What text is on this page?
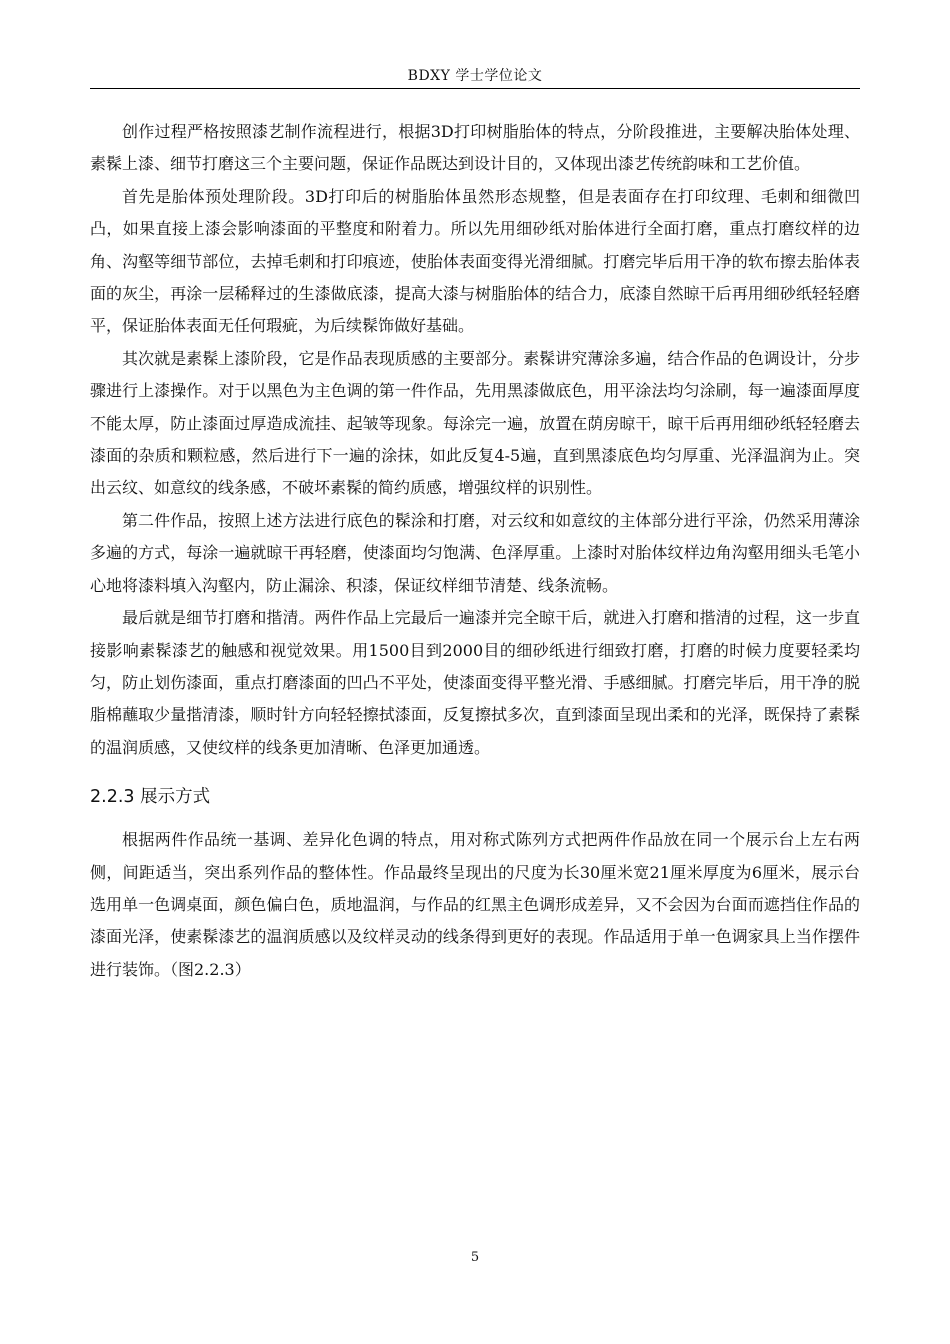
BDXY 学士学位论文

创作过程严格按照漆艺制作流程进行，根据3D打印树脂胎体的特点，分阶段推进，主要解决胎体处理、素髹上漆、细节打磨这三个主要问题，保证作品既达到设计目的，又体现出漆艺传统韵味和工艺价值。

首先是胎体预处理阶段。3D打印后的树脂胎体虽然形态规整，但是表面存在打印纹理、毛刺和细微凹凸，如果直接上漆会影响漆面的平整度和附着力。所以先用细砂纸对胎体进行全面打磨，重点打磨纹样的边角、沟壑等细节部位，去掉毛刺和打印痕迹，使胎体表面变得光滑细腻。打磨完毕后用干净的软布擦去胎体表面的灰尘，再涂一层稀释过的生漆做底漆，提高大漆与树脂胎体的结合力，底漆自然晾干后再用细砂纸轻轻磨平，保证胎体表面无任何瑕疵，为后续髹饰做好基础。

其次就是素髹上漆阶段，它是作品表现质感的主要部分。素髹讲究薄涂多遍，结合作品的色调设计，分步骤进行上漆操作。对于以黑色为主色调的第一件作品，先用黑漆做底色，用平涂法均匀涂刷，每一遍漆面厚度不能太厚，防止漆面过厚造成流挂、起皱等现象。每涂完一遍，放置在荫房晾干，晾干后再用细砂纸轻轻磨去漆面的杂质和颗粒感，然后进行下一遍的涂抹，如此反复4-5遍，直到黑漆底色均匀厚重、光泽温润为止。突出云纹、如意纹的线条感，不破坏素髹的简约质感，增强纹样的识别性。

第二件作品，按照上述方法进行底色的髹涂和打磨，对云纹和如意纹的主体部分进行平涂，仍然采用薄涂多遍的方式，每涂一遍就晾干再轻磨，使漆面均匀饱满、色泽厚重。上漆时对胎体纹样边角沟壑用细头毛笔小心地将漆料填入沟壑内，防止漏涂、积漆，保证纹样细节清楚、线条流畅。

最后就是细节打磨和揩清。两件作品上完最后一遍漆并完全晾干后，就进入打磨和揩清的过程，这一步直接影响素髹漆艺的触感和视觉效果。用1500目到2000目的细砂纸进行细致打磨，打磨的时候力度要轻柔均匀，防止划伤漆面，重点打磨漆面的凹凸不平处，使漆面变得平整光滑、手感细腻。打磨完毕后，用干净的脱脂棉蘸取少量揩清漆，顺时针方向轻轻擦拭漆面，反复擦拭多次，直到漆面呈现出柔和的光泽，既保持了素髹的温润质感，又使纹样的线条更加清晰、色泽更加通透。

2.2.3 展示方式

根据两件作品统一基调、差异化色调的特点，用对称式陈列方式把两件作品放在同一个展示台上左右两侧，间距适当，突出系列作品的整体性。作品最终呈现出的尺度为长30厘米宽21厘米厚度为6厘米，展示台选用单一色调桌面，颜色偏白色，质地温润，与作品的红黑主色调形成差异，又不会因为台面而遮挡住作品的漆面光泽，使素髹漆艺的温润质感以及纹样灵动的线条得到更好的表现。作品适用于单一色调家具上当作摆件进行装饰。（图2.2.3）

5
